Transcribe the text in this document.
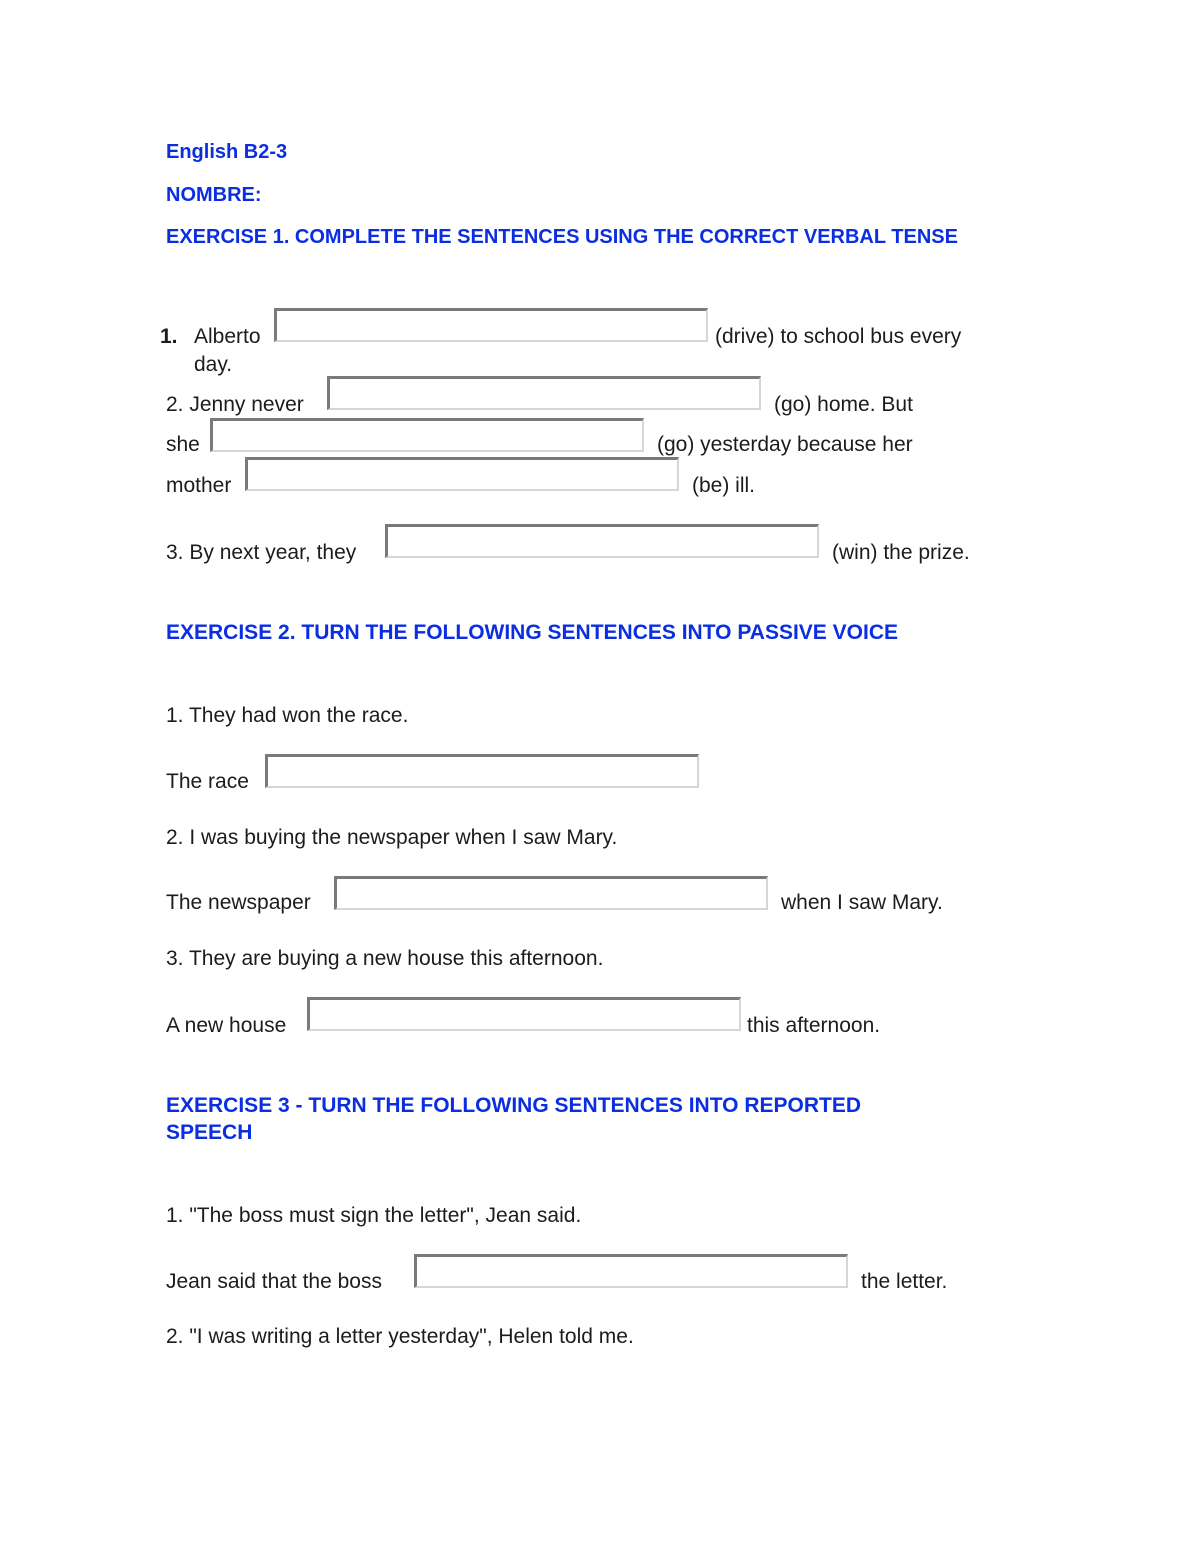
English B2-3
NOMBRE:
EXERCISE 1. COMPLETE THE SENTENCES USING THE CORRECT VERBAL TENSE
1. Alberto	(drive) to school bus every
day.
2. Jenny never	(go) home. But
she	(go) yesterday because her
mother	(be) ill.
3. By next year, they	(win) the prize.
EXERCISE 2. TURN THE FOLLOWING SENTENCES INTO PASSIVE VOICE
1. They had won the race.
The race
2. I was buying the newspaper when I saw Mary.
The newspaper	when I saw Mary.
3. They are buying a new house this afternoon.
A new house	this afternoon.
EXERCISE 3 - TURN THE FOLLOWING SENTENCES INTO REPORTED
SPEECH
1. "The boss must sign the letter", Jean said.
Jean said that the boss	the letter.
2. "I was writing a letter yesterday", Helen told me.
